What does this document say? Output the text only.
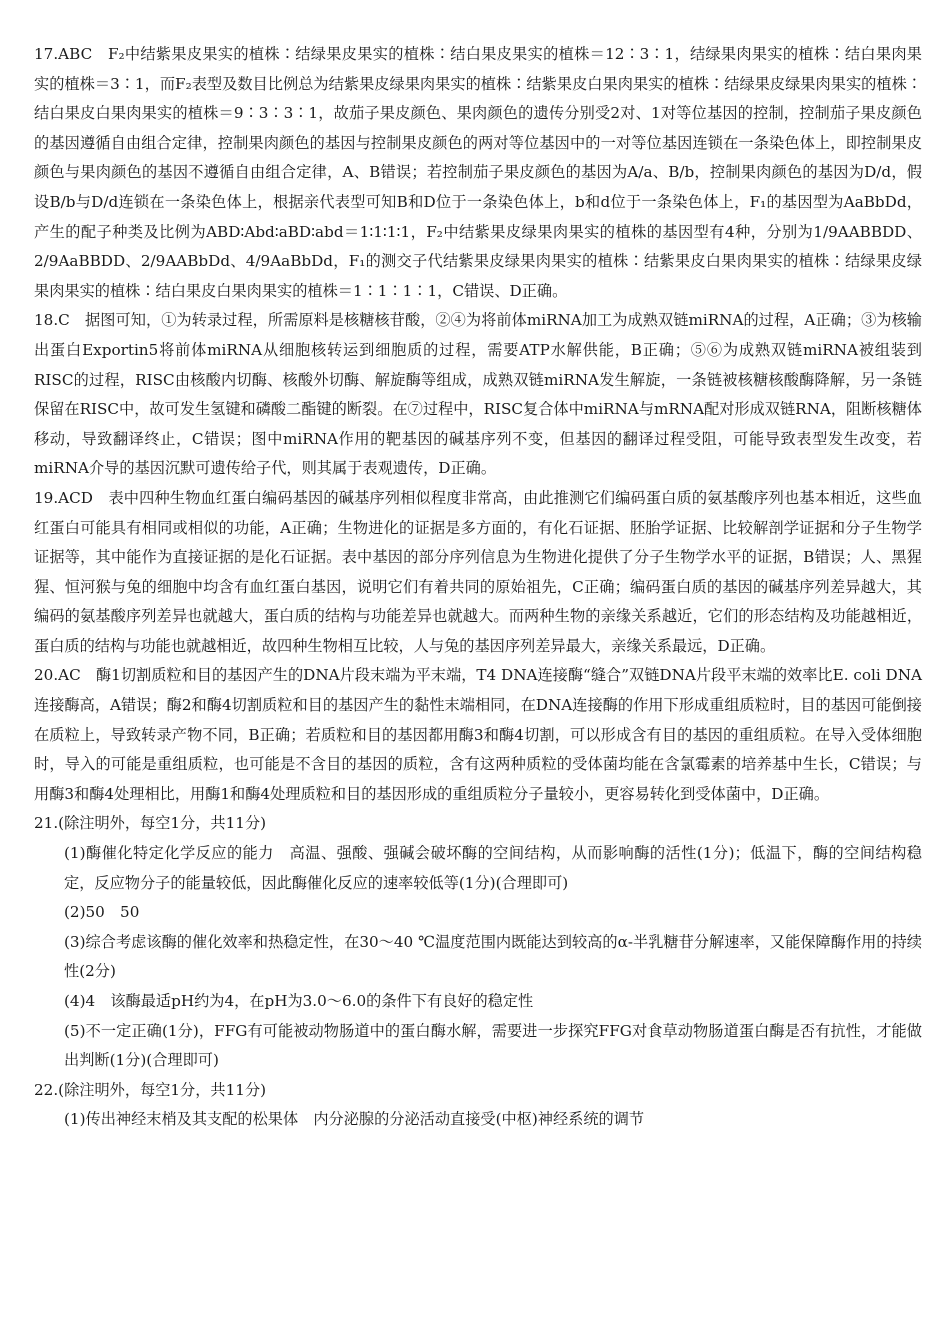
17.ABC　F₂中结紫果皮果实的植株∶结绿果皮果实的植株∶结白果皮果实的植株＝12∶3∶1，结绿果肉果实的植株∶结白果肉果实的植株＝3∶1，而F₂表型及数目比例总为结紫果皮绿果肉果实的植株∶结紫果皮白果肉果实的植株∶结绿果皮绿果肉果实的植株∶结白果皮白果肉果实的植株＝9∶3∶3∶1，故茄子果皮颜色、果肉颜色的遗传分别受2对、1对等位基因的控制，控制茄子果皮颜色的基因遵循自由组合定律，控制果肉颜色的基因与控制果皮颜色的两对等位基因中的一对等位基因连锁在一条染色体上，即控制果皮颜色与果肉颜色的基因不遵循自由组合定律，A、B错误；若控制茄子果皮颜色的基因为A/a、B/b，控制果肉颜色的基因为D/d，假设B/b与D/d连锁在一条染色体上，根据亲代表型可知B和D位于一条染色体上，b和d位于一条染色体上，F₁的基因型为AaBbDd，产生的配子种类及比例为ABD∶Abd∶aBD∶abd＝1∶1∶1∶1，F₂中结紫果皮绿果肉果实的植株的基因型有4种，分别为1/9AABBDD、2/9AaBBDD、2/9AABbDd、4/9AaBbDd，F₁的测交子代结紫果皮绿果肉果实的植株∶结紫果皮白果肉果实的植株∶结绿果皮绿果肉果实的植株∶结白果皮白果肉果实的植株＝1∶1∶1∶1，C错误、D正确。

18.C　据图可知，①为转录过程，所需原料是核糖核苷酸，②④为将前体miRNA加工为成熟双链miRNA的过程，A正确；③为核输出蛋白Exportin5将前体miRNA从细胞核转运到细胞质的过程，需要ATP水解供能，B正确；⑤⑥为成熟双链miRNA被组装到RISC的过程，RISC由核酸内切酶、核酸外切酶、解旋酶等组成，成熟双链miRNA发生解旋，一条链被核糖核酸酶降解，另一条链保留在RISC中，故可发生氢键和磷酸二酯键的断裂。在⑦过程中，RISC复合体中miRNA与mRNA配对形成双链RNA，阻断核糖体移动，导致翻译终止，C错误；图中miRNA作用的靶基因的碱基序列不变，但基因的翻译过程受阻，可能导致表型发生改变，若miRNA介导的基因沉默可遗传给子代，则其属于表观遗传，D正确。

19.ACD　表中四种生物血红蛋白编码基因的碱基序列相似程度非常高，由此推测它们编码蛋白质的氨基酸序列也基本相近，这些血红蛋白可能具有相同或相似的功能，A正确；生物进化的证据是多方面的，有化石证据、胚胎学证据、比较解剖学证据和分子生物学证据等，其中能作为直接证据的是化石证据。表中基因的部分序列信息为生物进化提供了分子生物学水平的证据，B错误；人、黑猩猩、恒河猴与兔的细胞中均含有血红蛋白基因，说明它们有着共同的原始祖先，C正确；编码蛋白质的基因的碱基序列差异越大，其编码的氨基酸序列差异也就越大，蛋白质的结构与功能差异也就越大。而两种生物的亲缘关系越近，它们的形态结构及功能越相近，蛋白质的结构与功能也就越相近，故四种生物相互比较，人与兔的基因序列差异最大，亲缘关系最远，D正确。

20.AC　酶1切割质粒和目的基因产生的DNA片段末端为平末端，T4 DNA连接酶“缝合”双链DNA片段平末端的效率比E. coli DNA连接酶高，A错误；酶2和酶4切割质粒和目的基因产生的黏性末端相同，在DNA连接酶的作用下形成重组质粒时，目的基因可能倒接在质粒上，导致转录产物不同，B正确；若质粒和目的基因都用酶3和酶4切割，可以形成含有目的基因的重组质粒。在导入受体细胞时，导入的可能是重组质粒，也可能是不含目的基因的质粒，含有这两种质粒的受体菌均能在含氯霉素的培养基中生长，C错误；与用酶3和酶4处理相比，用酶1和酶4处理质粒和目的基因形成的重组质粒分子量较小，更容易转化到受体菌中，D正确。

21.(除注明外，每空1分，共11分)

(1)酶催化特定化学反应的能力　高温、强酸、强碱会破坏酶的空间结构，从而影响酶的活性(1分)；低温下，酶的空间结构稳定，反应物分子的能量较低，因此酶催化反应的速率较低等(1分)(合理即可)

(2)50　50

(3)综合考虑该酶的催化效率和热稳定性，在30～40 ℃温度范围内既能达到较高的α-半乳糖苷分解速率，又能保障酶作用的持续性(2分)

(4)4　该酶最适pH约为4，在pH为3.0～6.0的条件下有良好的稳定性

(5)不一定正确(1分)，FFG有可能被动物肠道中的蛋白酶水解，需要进一步探究FFG对食草动物肠道蛋白酶是否有抗性，才能做出判断(1分)(合理即可)

22.(除注明外，每空1分，共11分)

(1)传出神经末梢及其支配的松果体　内分泌腺的分泌活动直接受(中枢)神经系统的调节
